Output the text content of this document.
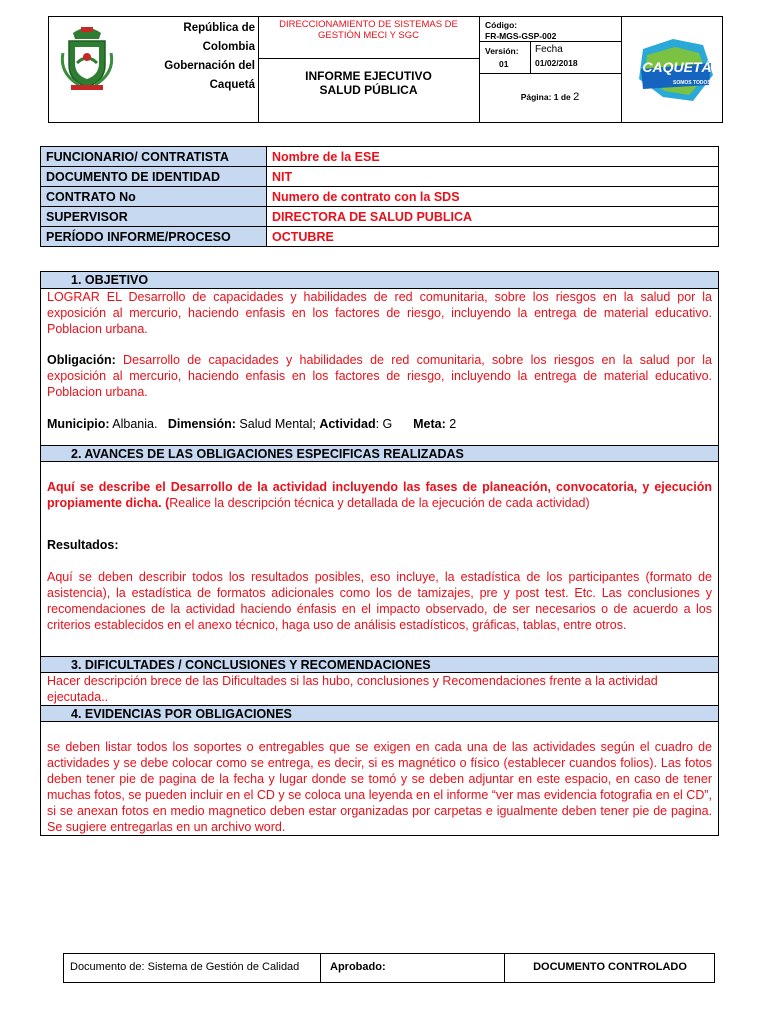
República de Colombia
Gobernación del Caquetá
DIRECCIONAMIENTO DE SISTEMAS DE GESTIÓN MECI Y SGC
INFORME EJECUTIVO SALUD PÚBLICA
Código:
FR-MGS-GSP-002
Versión:
01
Fecha
01/02/2018
Página: 1 de 2
CAQUETÁ
SOMOS TODOS
FUNCIONARIO/ CONTRATISTA	Nombre de la ESE
DOCUMENTO DE IDENTIDAD	NIT
CONTRATO No	Numero de contrato con la SDS
SUPERVISOR	DIRECTORA DE SALUD PUBLICA
PERÍODO INFORME/PROCESO	OCTUBRE
1. OBJETIVO
LOGRAR EL Desarrollo de capacidades y habilidades de red comunitaria, sobre los riesgos en la salud por la exposición al mercurio, haciendo enfasis en los factores de riesgo, incluyendo la entrega de material educativo. Poblacion urbana.
Obligación: Desarrollo de capacidades y habilidades de red comunitaria, sobre los riesgos en la salud por la exposición al mercurio, haciendo enfasis en los factores de riesgo, incluyendo la entrega de material educativo. Poblacion urbana.
Municipio: Albania.   Dimensión: Salud Mental; Actividad: G      Meta: 2
2. AVANCES DE LAS OBLIGACIONES ESPECIFICAS REALIZADAS
Aquí se describe el Desarrollo de la actividad incluyendo las fases de planeación, convocatoria, y ejecución propiamente dicha. (Realice la descripción técnica y detallada de la ejecución de cada actividad)
Resultados:
Aquí se deben describir todos los resultados posibles, eso incluye, la estadística de los participantes (formato de asistencia), la estadística de formatos adicionales como los de tamizajes, pre y post test. Etc. Las conclusiones y recomendaciones de la actividad haciendo énfasis en el impacto observado, de ser necesarios o de acuerdo a los criterios establecidos en el anexo técnico, haga uso de análisis estadísticos, gráficas, tablas, entre otros.
3. DIFICULTADES / CONCLUSIONES Y RECOMENDACIONES
Hacer descripción brece de las Dificultades si las hubo, conclusiones y Recomendaciones frente a la actividad ejecutada..
4. EVIDENCIAS POR OBLIGACIONES
se deben listar todos los soportes o entregables que se exigen en cada una de las actividades según el cuadro de actividades y se debe colocar como se entrega, es decir, si es magnético o físico (establecer cuandos folios). Las fotos deben tener pie de pagina de la fecha y lugar donde se tomó y se deben adjuntar en este espacio, en caso de tener muchas fotos, se pueden incluir en el CD y se coloca una leyenda en el informe “ver mas evidencia fotografia en el CD”, si se anexan fotos en medio magnetico deben estar organizadas por carpetas e igualmente deben tener pie de pagina. Se sugiere entregarlas en un archivo word.
Documento de: Sistema de Gestión de Calidad	Aprobado:	DOCUMENTO CONTROLADO
